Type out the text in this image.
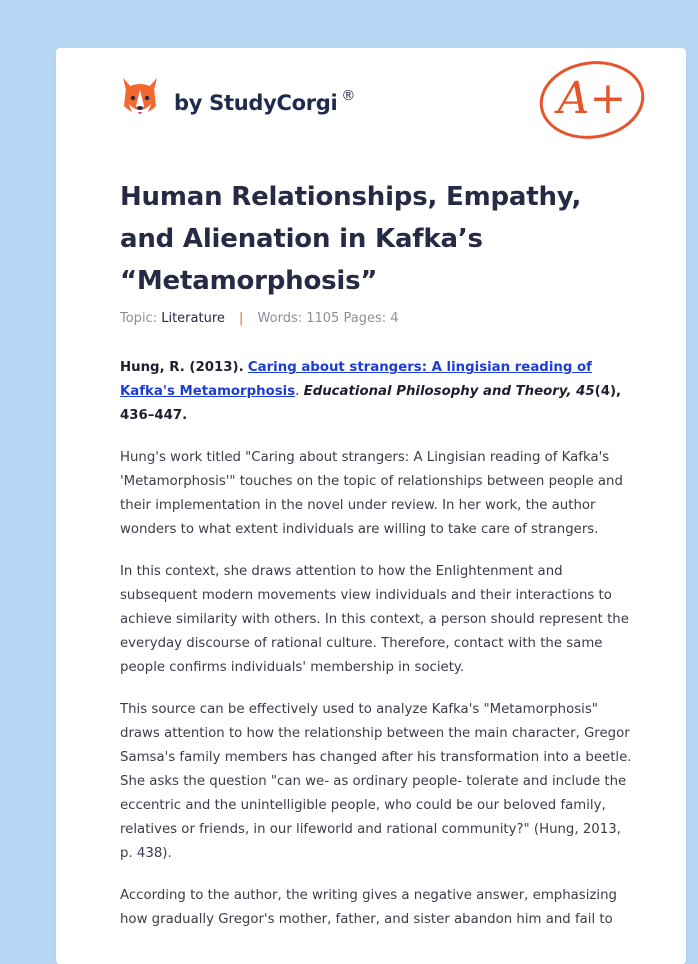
by StudyCorgi ®	A+
Human Relationships, Empathy, and Alienation in Kafka’s “Metamorphosis”
Topic: Literature | Words: 1105 Pages: 4

Hung, R. (2013). Caring about strangers: A lingisian reading of Kafka's Metamorphosis. Educational Philosophy and Theory, 45(4), 436–447.

Hung's work titled "Caring about strangers: A Lingisian reading of Kafka's 'Metamorphosis'" touches on the topic of relationships between people and their implementation in the novel under review. In her work, the author wonders to what extent individuals are willing to take care of strangers.

In this context, she draws attention to how the Enlightenment and subsequent modern movements view individuals and their interactions to achieve similarity with others. In this context, a person should represent the everyday discourse of rational culture. Therefore, contact with the same people confirms individuals' membership in society.

This source can be effectively used to analyze Kafka's "Metamorphosis" draws attention to how the relationship between the main character, Gregor Samsa's family members has changed after his transformation into a beetle. She asks the question "can we- as ordinary people- tolerate and include the eccentric and the unintelligible people, who could be our beloved family, relatives or friends, in our lifeworld and rational community?" (Hung, 2013, p. 438).

According to the author, the writing gives a negative answer, emphasizing how gradually Gregor's mother, father, and sister abandon him and fail to
